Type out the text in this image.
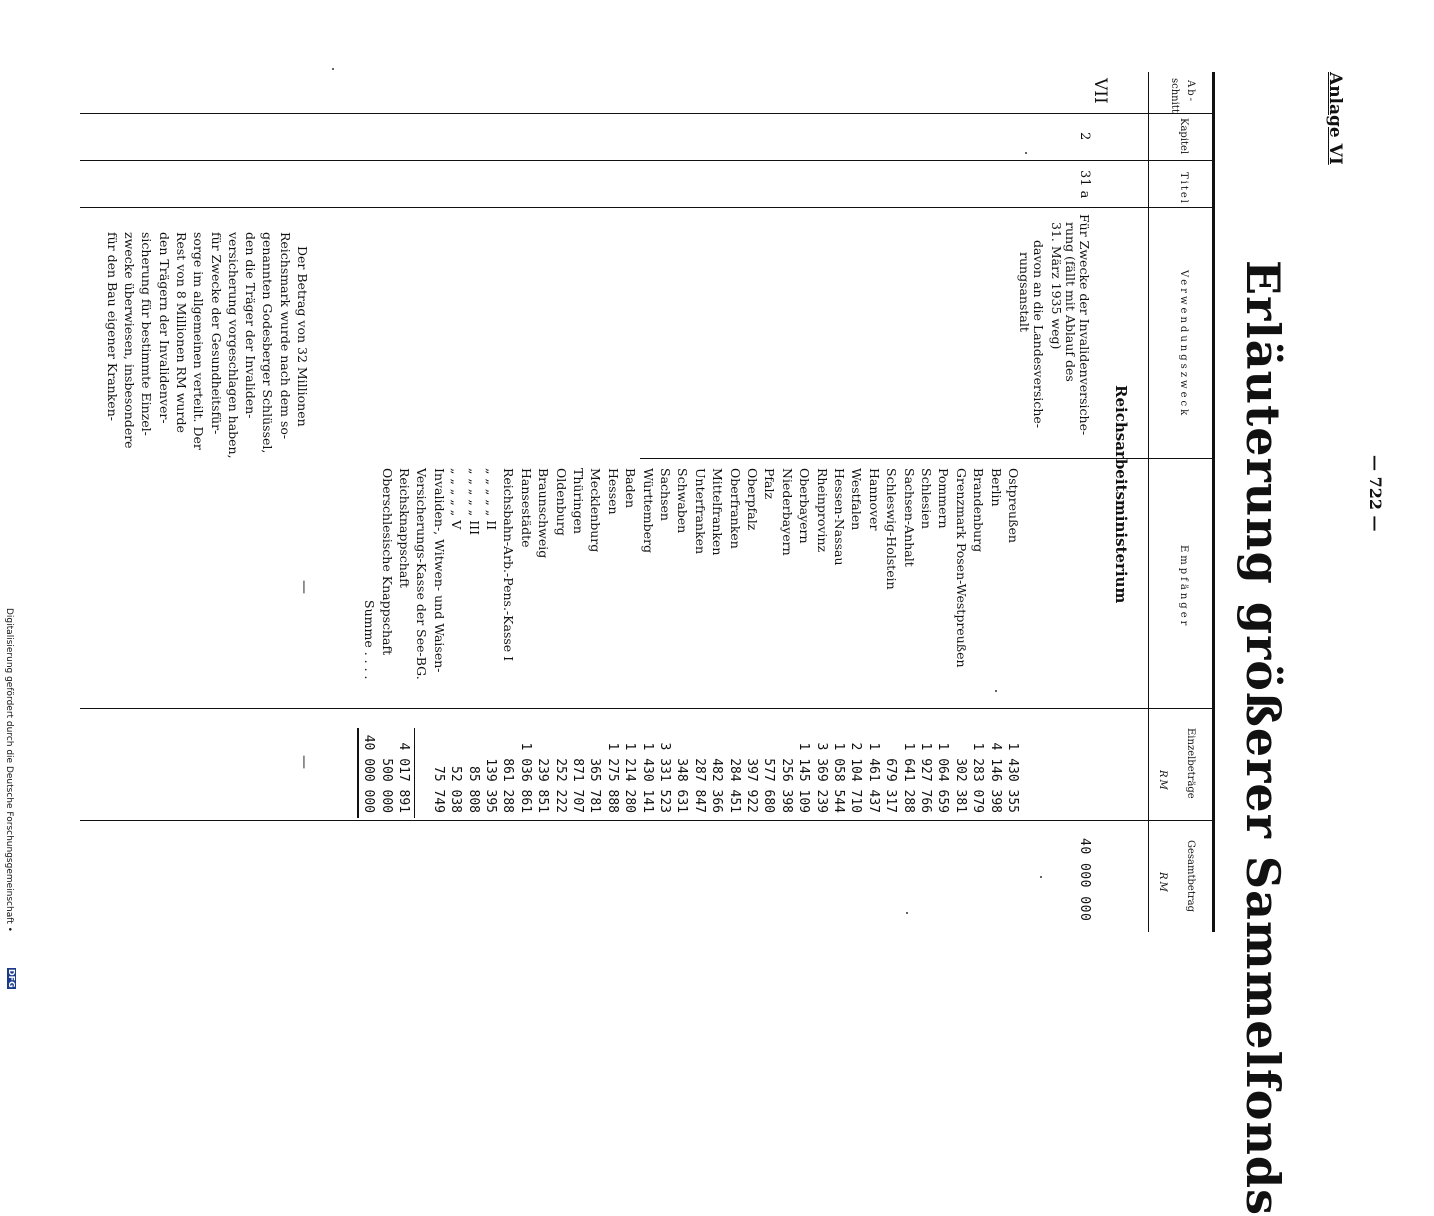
Anlage VI
— 722 —
Erläuterung größerer Sammelfonds
Ab-
schnitt
Kapitel
Titel
Verwendungszweck
Empfänger
Einzelbeträge
RM
Gesamtbetrag
RM
Reichsarbeitsministerium
VII
2
31 a
Für Zwecke der Invalidenversiche-
rung (fällt mit Ablauf des
31. März 1935 weg)
davon an die Landesversiche-
rungsanstalt
40 000 000
Ostpreußen
1 430 355
Berlin
4 146 398
Brandenburg
1 283 079
Grenzmark Posen-Westpreußen
302 381
Pommern
1 064 659
Schlesien
1 927 766
Sachsen-Anhalt
1 641 288
Schleswig-Holstein
679 317
Hannover
1 461 437
Westfalen
2 104 710
Hessen-Nassau
1 058 544
Rheinprovinz
3 369 239
Oberbayern
1 145 109
Niederbayern
256 398
Pfalz
577 680
Oberpfalz
397 922
Oberfranken
284 451
Mittelfranken
482 366
Unterfranken
287 847
Schwaben
348 631
Sachsen
3 331 523
Württemberg
1 430 141
Baden
1 214 280
Hessen
1 275 888
Mecklenburg
365 781
Thüringen
871 707
Oldenburg
252 222
Braunschweig
239 851
Hansestädte
1 036 861
Reichsbahn-Arb.-Pens.-Kasse I
861 288
„ „ „ „ „ II
139 395
„ „ „ „ „ III
85 808
„ „ „ „ „ V
52 038
Invaliden-, Witwen- und Waisen-
75 749
Versicherungs-Kasse der See-BG.
Reichsknappschaft
4 017 891
Oberschlesische Knappschaft
500 000
Summe . . . .
40 000 000
Der Betrag von 32 Millionen
Reichsmark wurde nach dem so-
genannten Godesberger Schlüssel,
den die Träger der Invaliden-
versicherung vorgeschlagen haben,
für Zwecke der Gesundheitsfür-
sorge im allgemeinen verteilt. Der
Rest von 8 Millionen RM wurde
den Trägern der Invalidenver-
sicherung für bestimmte Einzel-
zwecke überwiesen, insbesondere
für den Bau eigener Kranken-
—
—
Digitalisierung gefördert durch die Deutsche Forschungsgemeinschaft •
DFG
